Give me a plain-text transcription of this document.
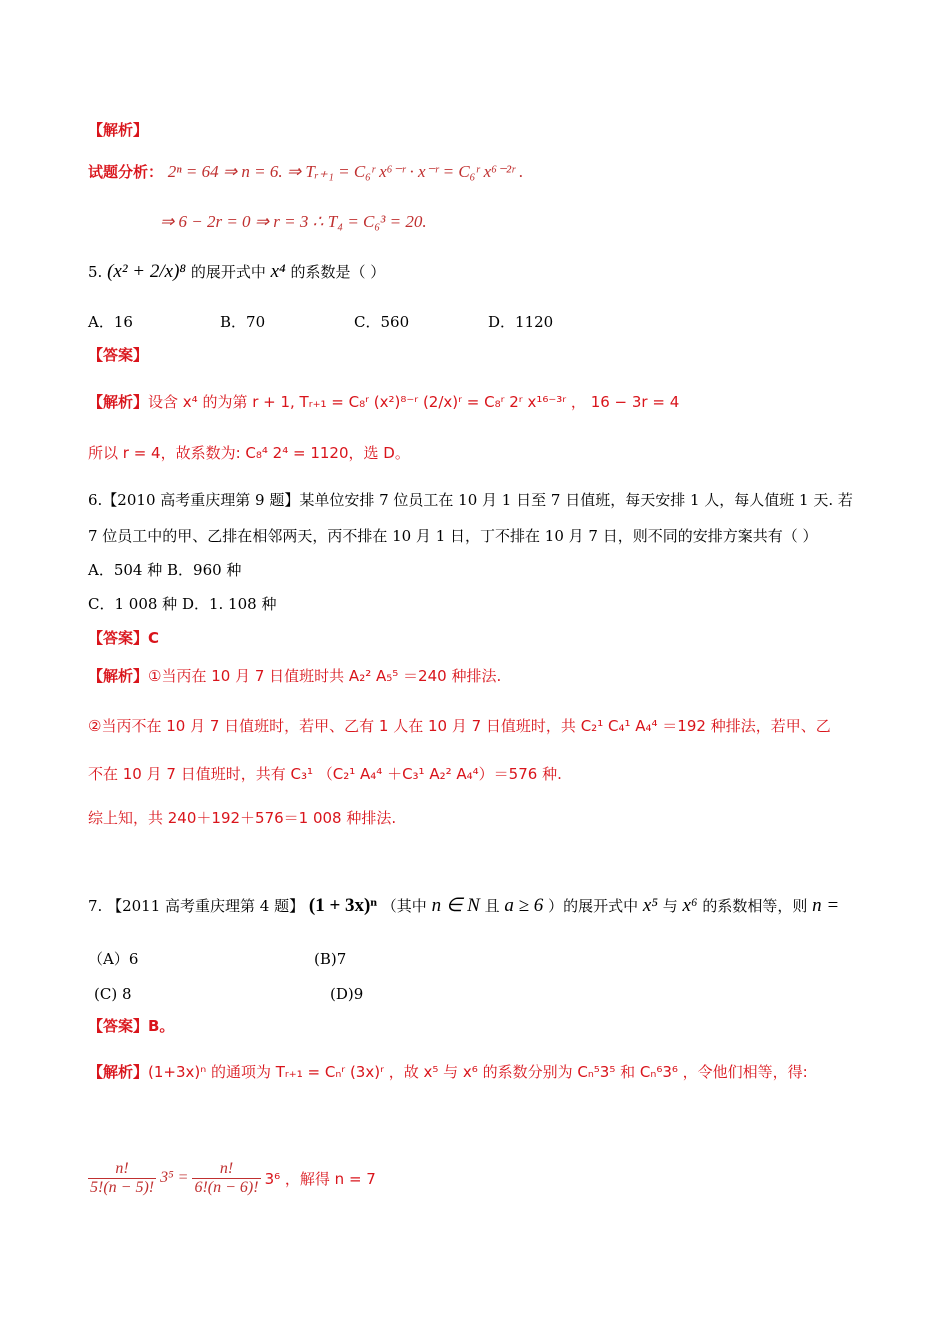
【解析】
试题分析： 2ⁿ = 64 ⇒ n = 6. ⇒ Tᵣ₊₁ = C₆ʳ x⁶⁻ʳ · x⁻ʳ = C₆ʳ x⁶⁻²ʳ .
⇒ 6 − 2r = 0 ⇒ r = 3 ∴ T₄ = C₆³ = 20.
5. (x² + 2/x)⁸ 的展开式中 x⁴ 的系数是（ ）
A．16	B．70	C．560	D．1120
【答案】
【解析】设含 x⁴ 的为第 r + 1, Tᵣ₊₁ = C₈ʳ (x²)⁸⁻ʳ (2/x)ʳ = C₈ʳ 2ʳ x¹⁶⁻³ʳ ， 16 − 3r = 4
所以 r = 4，故系数为: C₈⁴ 2⁴ = 1120，选 D。
6.【2010 高考重庆理第 9 题】某单位安排 7 位员工在 10 月 1 日至 7 日值班，每天安排 1 人，每人值班 1 天. 若
7 位员工中的甲、乙排在相邻两天，丙不排在 10 月 1 日，丁不排在 10 月 7 日，则不同的安排方案共有（ ）
A．504 种 B．960 种
C．1 008 种 D．1. 108 种
【答案】C
【解析】①当丙在 10 月 7 日值班时共 A₂² A₅⁵ ＝240 种排法.
②当丙不在 10 月 7 日值班时，若甲、乙有 1 人在 10 月 7 日值班时，共 C₂¹ C₄¹ A₄⁴ ＝192 种排法，若甲、乙
不在 10 月 7 日值班时，共有 C₃¹ （C₂¹ A₄⁴ ＋C₃¹ A₂² A₄⁴）＝576 种.
综上知，共 240＋192＋576＝1 008 种排法.
7. 【2011 高考重庆理第 4 题】 (1 + 3x)ⁿ （其中 n ∈ N 且 a ≥ 6 ）的展开式中 x⁵ 与 x⁶ 的系数相等，则 n =
（A）6	(B)7
(C) 8	(D)9
【答案】B。
【解析】(1+3x)ⁿ 的通项为 Tᵣ₊₁ = Cₙʳ (3x)ʳ ，故 x⁵ 与 x⁶ 的系数分别为 Cₙ⁵3⁵ 和 Cₙ⁶3⁶ ，令他们相等，得:
$\frac{n!}{5!(n - 5)!} 3^5 = \frac{n!}{6!(n - 6)!} 3^6$ ，解得 n = 7
